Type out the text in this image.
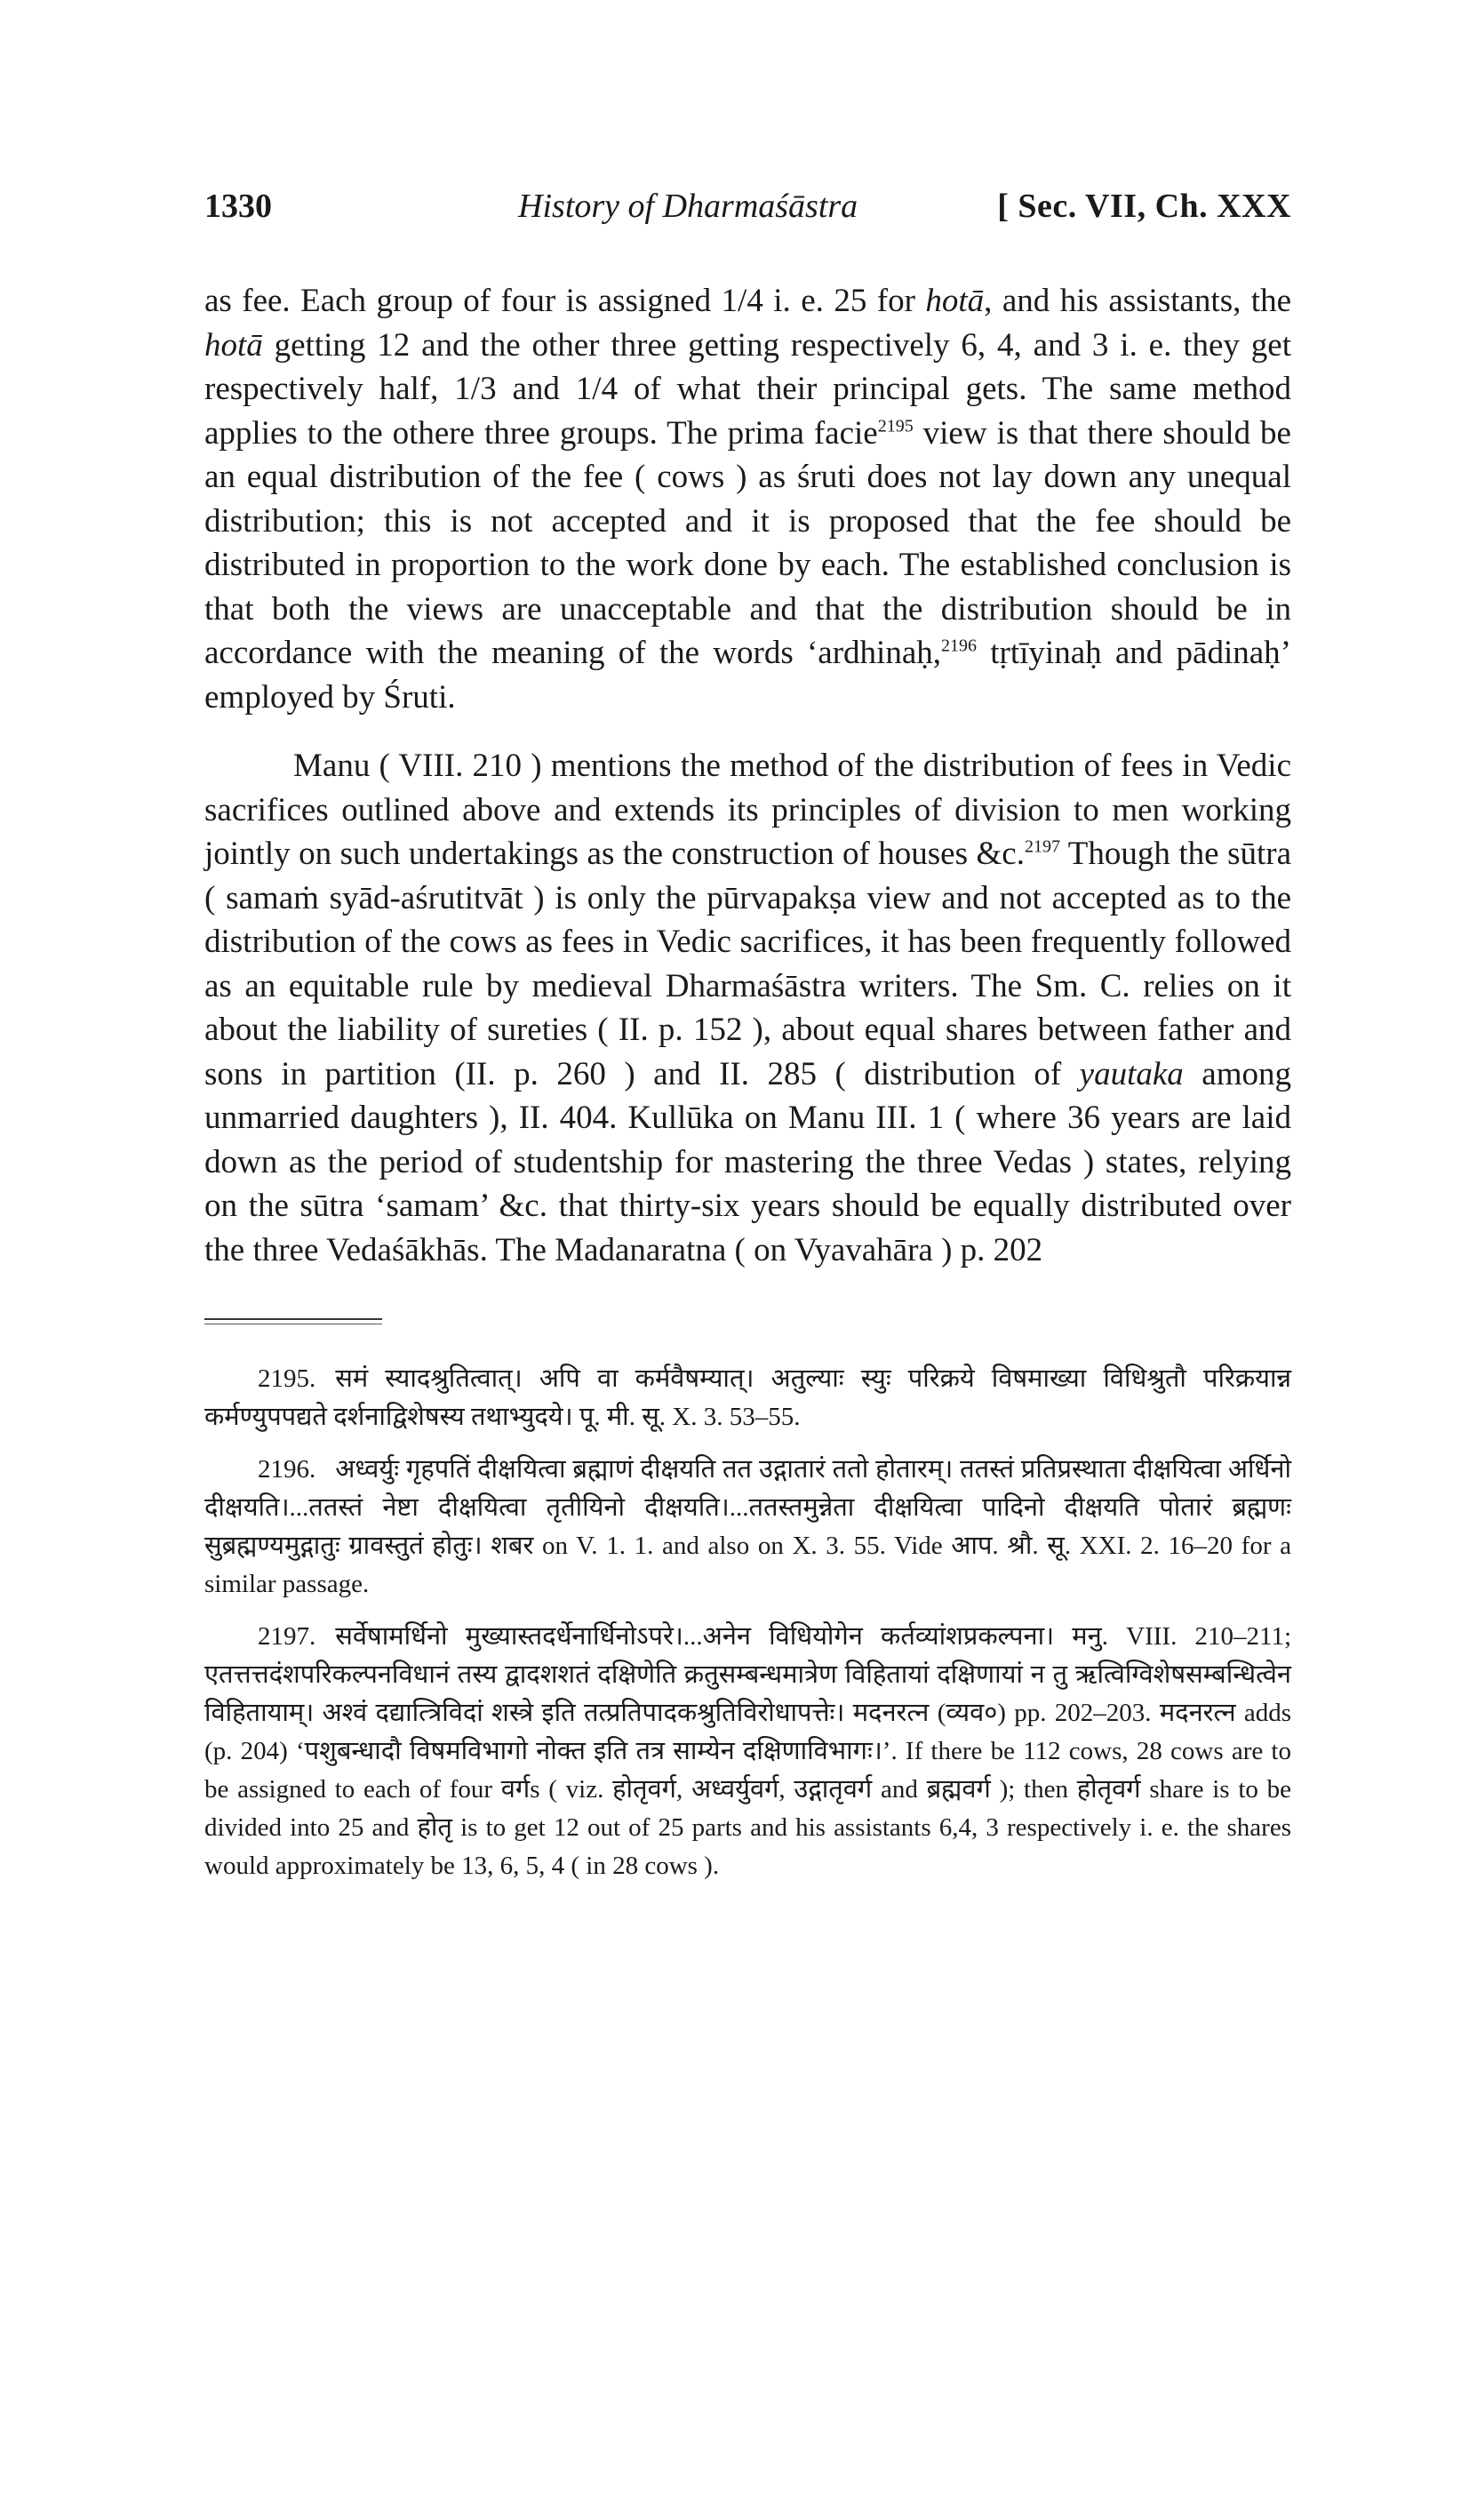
1330	History of Dharmaśāstra	[ Sec. VII, Ch. XXX

as fee. Each group of four is assigned 1/4 i. e. 25 for hotā, and his assistants, the hotā getting 12 and the other three getting respectively 6, 4, and 3 i. e. they get respectively half, 1/3 and 1/4 of what their principal gets. The same method applies to the othere three groups. The prima facie$^{2195}$ view is that there should be an equal distribution of the fee ( cows ) as śruti does not lay down any unequal distribution; this is not accepted and it is proposed that the fee should be distributed in proportion to the work done by each. The established conclusion is that both the views are unacceptable and that the distribution should be in accordance with the meaning of the words ‘ardhinaḥ,$^{2196}$ tṛtīyinaḥ and pādinaḥ’ employed by Śruti.

Manu ( VIII. 210 ) mentions the method of the distribution of fees in Vedic sacrifices outlined above and extends its principles of division to men working jointly on such undertakings as the construction of houses &c.$^{2197}$ Though the sūtra ( samaṁ syād-aśrutitvāt ) is only the pūrvapakṣa view and not accepted as to the distribution of the cows as fees in Vedic sacrifices, it has been frequently followed as an equitable rule by medieval Dharmaśāstra writers. The Sm. C. relies on it about the liability of sureties ( II. p. 152 ), about equal shares between father and sons in partition (II. p. 260 ) and II. 285 ( distribution of yautaka among unmarried daughters ), II. 404. Kullūka on Manu III. 1 ( where 36 years are laid down as the period of studentship for mastering the three Vedas ) states, relying on the sūtra ‘samam’ &c. that thirty-six years should be equally distributed over the three Vedaśākhās. The Madanaratna ( on Vyavahāra ) p. 202

2195. समं स्यादश्रुतित्वात्। अपि वा कर्मवैषम्यात्। अतुल्याः स्युः परिक्रये विषमाख्या विधिश्रुतौ परिक्रयान्न कर्मण्युपपद्यते दर्शनाद्विशेषस्य तथाभ्युदये। पू. मी. सू. X. 3. 53–55.

2196. अध्वर्युः गृहपतिं दीक्षयित्वा ब्रह्माणं दीक्षयति तत उद्गातारं ततो होतारम्। ततस्तं प्रतिप्रस्थाता दीक्षयित्वा अर्धिनो दीक्षयति।...ततस्तं नेष्टा दीक्षयित्वा तृतीयिनो दीक्षयति।...ततस्तमुन्नेता दीक्षयित्वा पादिनो दीक्षयति पोतारं ब्रह्मणः सुब्रह्मण्यमुद्गातुः ग्रावस्तुतं होतुः। शबर on V. 1. 1. and also on X. 3. 55. Vide आप. श्रौ. सू. XXI. 2. 16–20 for a similar passage.

2197. सर्वेषामर्धिनो मुख्यास्तदर्धेनार्धिनोऽपरे।...अनेन विधियोगेन कर्तव्यांशप्रकल्पना। मनु. VIII. 210–211; एतत्तत्तदंशपरिकल्पनविधानं तस्य द्वादशशतं दक्षिणेति क्रतुसम्बन्धमात्रेण विहितायां दक्षिणायां न तु ऋत्विग्विशेषसम्बन्धित्वेन विहितायाम्। अश्वं दद्यात्त्रिविदां शस्त्रे इति तत्प्रतिपादकश्रुतिविरोधापत्तेः। मदनरत्न (व्यव०) pp. 202–203. मदनरत्न adds (p. 204) ‘पशुबन्धादौ विषमविभागो नोक्त इति तत्र साम्येन दक्षिणाविभागः।’. If there be 112 cows, 28 cows are to be assigned to each of four वर्गs ( viz. होतृवर्ग, अध्वर्युवर्ग, उद्गातृवर्ग and ब्रह्मवर्ग ); then होतृवर्ग share is to be divided into 25 and होतृ is to get 12 out of 25 parts and his assistants 6,4, 3 respectively i. e. the shares would approximately be 13, 6, 5, 4 ( in 28 cows ).
